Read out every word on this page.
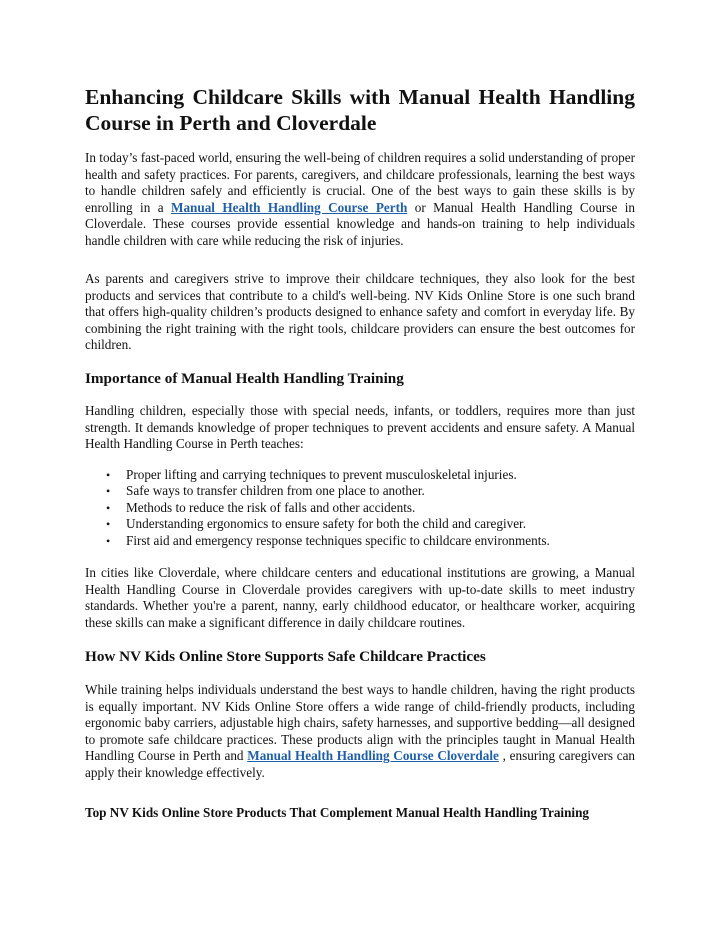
Enhancing Childcare Skills with Manual Health Handling Course in Perth and Cloverdale

In today’s fast-paced world, ensuring the well-being of children requires a solid understanding of proper health and safety practices. For parents, caregivers, and childcare professionals, learning the best ways to handle children safely and efficiently is crucial. One of the best ways to gain these skills is by enrolling in a Manual Health Handling Course Perth or Manual Health Handling Course in Cloverdale. These courses provide essential knowledge and hands-on training to help individuals handle children with care while reducing the risk of injuries.

As parents and caregivers strive to improve their childcare techniques, they also look for the best products and services that contribute to a child's well-being. NV Kids Online Store is one such brand that offers high-quality children’s products designed to enhance safety and comfort in everyday life. By combining the right training with the right tools, childcare providers can ensure the best outcomes for children.

Importance of Manual Health Handling Training

Handling children, especially those with special needs, infants, or toddlers, requires more than just strength. It demands knowledge of proper techniques to prevent accidents and ensure safety. A Manual Health Handling Course in Perth teaches:

• Proper lifting and carrying techniques to prevent musculoskeletal injuries.
• Safe ways to transfer children from one place to another.
• Methods to reduce the risk of falls and other accidents.
• Understanding ergonomics to ensure safety for both the child and caregiver.
• First aid and emergency response techniques specific to childcare environments.

In cities like Cloverdale, where childcare centers and educational institutions are growing, a Manual Health Handling Course in Cloverdale provides caregivers with up-to-date skills to meet industry standards. Whether you're a parent, nanny, early childhood educator, or healthcare worker, acquiring these skills can make a significant difference in daily childcare routines.

How NV Kids Online Store Supports Safe Childcare Practices

While training helps individuals understand the best ways to handle children, having the right products is equally important. NV Kids Online Store offers a wide range of child-friendly products, including ergonomic baby carriers, adjustable high chairs, safety harnesses, and supportive bedding—all designed to promote safe childcare practices. These products align with the principles taught in Manual Health Handling Course in Perth and Manual Health Handling Course Cloverdale , ensuring caregivers can apply their knowledge effectively.

Top NV Kids Online Store Products That Complement Manual Health Handling Training
